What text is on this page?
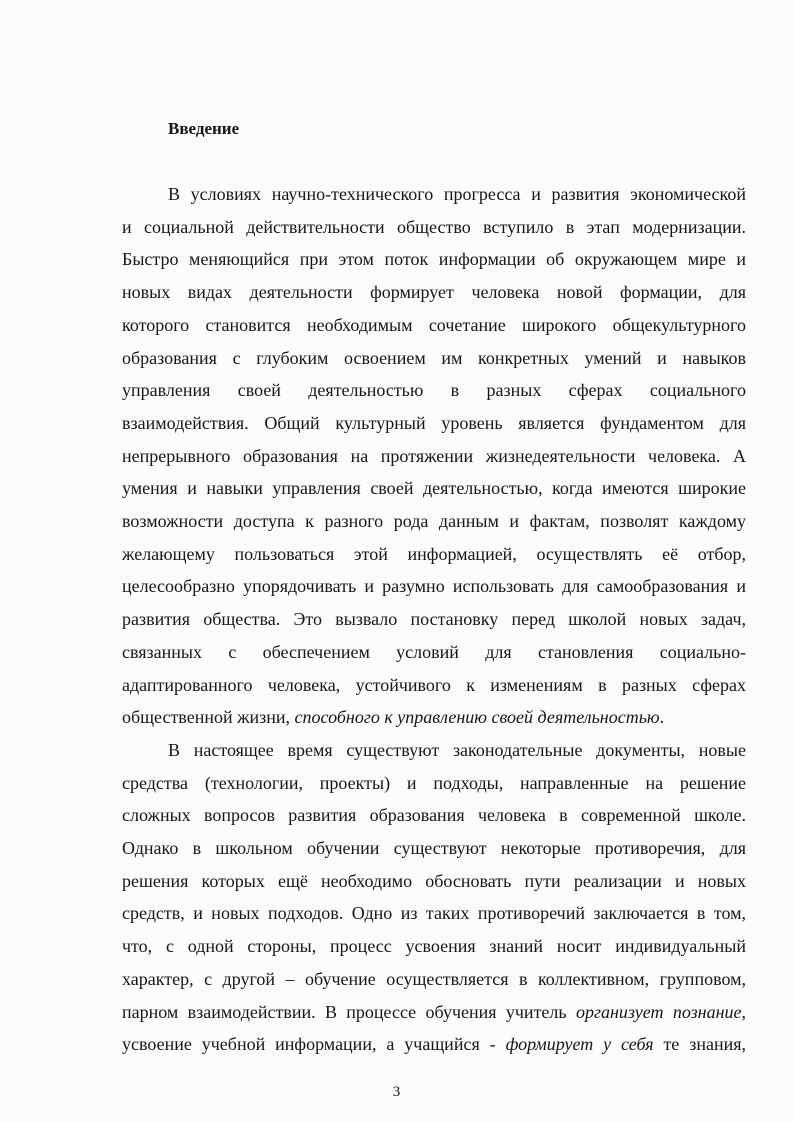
Введение
В условиях научно-технического прогресса и развития экономической
и социальной действительности общество вступило в этап модернизации.
Быстро меняющийся при этом поток информации об окружающем мире и
новых видах деятельности формирует человека новой формации, для
которого становится необходимым сочетание широкого общекультурного
образования с глубоким освоением им конкретных умений и навыков
управления своей деятельностью в разных сферах социального
взаимодействия. Общий культурный уровень является фундаментом для
непрерывного образования на протяжении жизнедеятельности человека. А
умения и навыки управления своей деятельностью, когда имеются широкие
возможности доступа к разного рода данным и фактам, позволят каждому
желающему пользоваться этой информацией, осуществлять её отбор,
целесообразно упорядочивать и разумно использовать для самообразования и
развития общества. Это вызвало постановку перед школой новых задач,
связанных с обеспечением условий для становления социально-
адаптированного человека, устойчивого к изменениям в разных сферах
общественной жизни, способного к управлению своей деятельностью.
В настоящее время существуют законодательные документы, новые
средства (технологии, проекты) и подходы, направленные на решение
сложных вопросов развития образования человека в современной школе.
Однако в школьном обучении существуют некоторые противоречия, для
решения которых ещё необходимо обосновать пути реализации и новых
средств, и новых подходов. Одно из таких противоречий заключается в том,
что, с одной стороны, процесс усвоения знаний носит индивидуальный
характер, с другой – обучение осуществляется в коллективном, групповом,
парном взаимодействии. В процессе обучения учитель организует познание,
усвоение учебной информации, а учащийся - формирует у себя те знания,
3
